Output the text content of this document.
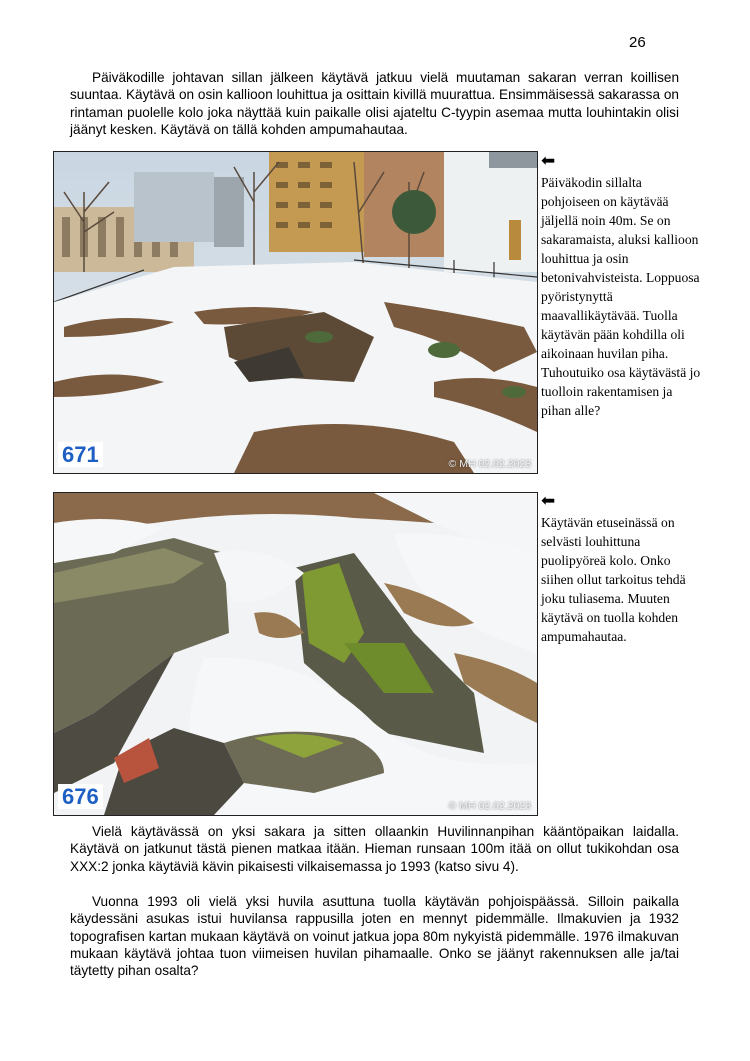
26

Päiväkodille johtavan sillan jälkeen käytävä jatkuu vielä muutaman sakaran verran koillisen suuntaa. Käytävä on osin kallioon louhittua ja osittain kivillä muurattua. Ensimmäisessä sakarassa on rintaman puolelle kolo joka näyttää kuin paikalle olisi ajateltu C-tyypin asemaa mutta louhintakin olisi jäänyt kesken. Käytävä on tällä kohden ampumahautaa.

671	© MH 02.02.2023
⬅
Päiväkodin sillalta pohjoiseen on käytävää jäljellä noin 40m. Se on sakaramaista, aluksi kallioon louhittua ja osin betonivahvisteista. Loppuosa pyöristynyttä maavallikäytävää. Tuolla käytävän pään kohdilla oli aikoinaan huvilan piha. Tuhoutuiko osa käytävästä jo tuolloin rakentamisen ja pihan alle?
676	© MH 02.02.2023
⬅
Käytävän etuseinässä on selvästi louhittuna puolipyöreä kolo. Onko siihen ollut tarkoitus tehdä joku tuliasema. Muuten käytävä on tuolla kohden ampumahautaa.

Vielä käytävässä on yksi sakara ja sitten ollaankin Huvilinnanpihan kääntöpaikan laidalla. Käytävä on jatkunut tästä pienen matkaa itään. Hieman runsaan 100m itää on ollut tukikohdan osa XXX:2 jonka käytäviä kävin pikaisesti vilkaisemassa jo 1993 (katso sivu 4).

Vuonna 1993 oli vielä yksi huvila asuttuna tuolla käytävän pohjoispäässä. Silloin paikalla käydessäni asukas istui huvilansa rappusilla joten en mennyt pidemmälle. Ilmakuvien ja 1932 topografisen kartan mukaan käytävä on voinut jatkua jopa 80m nykyistä pidemmälle. 1976 ilmakuvan mukaan käytävä johtaa tuon viimeisen huvilan pihamaalle. Onko se jäänyt rakennuksen alle ja/tai täytetty pihan osalta?
